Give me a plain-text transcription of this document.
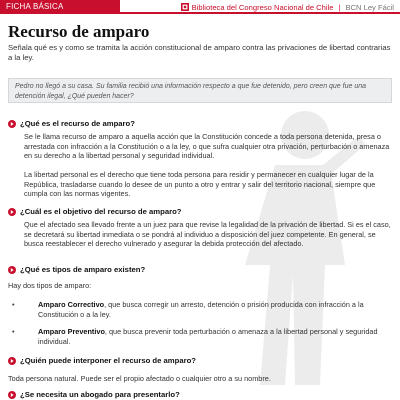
FICHA BÁSICA	Biblioteca del Congreso Nacional de Chile | BCN Ley Fácil
Recurso de amparo

Señala qué es y como se tramita la acción constitucional de amparo contra las privaciones de libertad contrarias a la ley.

Pedro no llegó a su casa. Su familia recibió una información respecto a que fue detenido, pero creen que fue una detención ilegal, ¿Qué pueden hacer?
¿Qué es el recurso de amparo?

Se le llama recurso de amparo a aquella acción que la Constitución concede a toda persona detenida, presa o arrestada con infracción a la Constitución o a la ley, o que sufra cualquier otra privación, perturbación o amenaza en su derecho a la libertad personal y seguridad individual.

La libertad personal es el derecho que tiene toda persona para residir y permanecer en cualquier lugar de la República, trasladarse cuando lo desee de un punto a otro y entrar y salir del territorio nacional, siempre que cumpla con las normas vigentes.

¿Cuál es el objetivo del recurso de amparo?

Que el afectado sea llevado frente a un juez para que revise la legalidad de la privación de libertad. Si es el caso, se decretará su libertad inmediata o se pondrá al individuo a disposición del juez competente. En general, se busca reestablecer el derecho vulnerado y asegurar la debida protección del afectado.

¿Qué es tipos de amparo existen?

Hay dos tipos de amparo:

•	Amparo Correctivo, que busca corregir un arresto, detención o prisión producida con infracción a la Constitución o a la ley.
•	Amparo Preventivo, que busca prevenir toda perturbación o amenaza a la libertad personal y seguridad individual.
¿Quién puede interponer el recurso de amparo?

Toda persona natural. Puede ser el propio afectado o cualquier otro a su nombre.

¿Se necesita un abogado para presentarlo?
